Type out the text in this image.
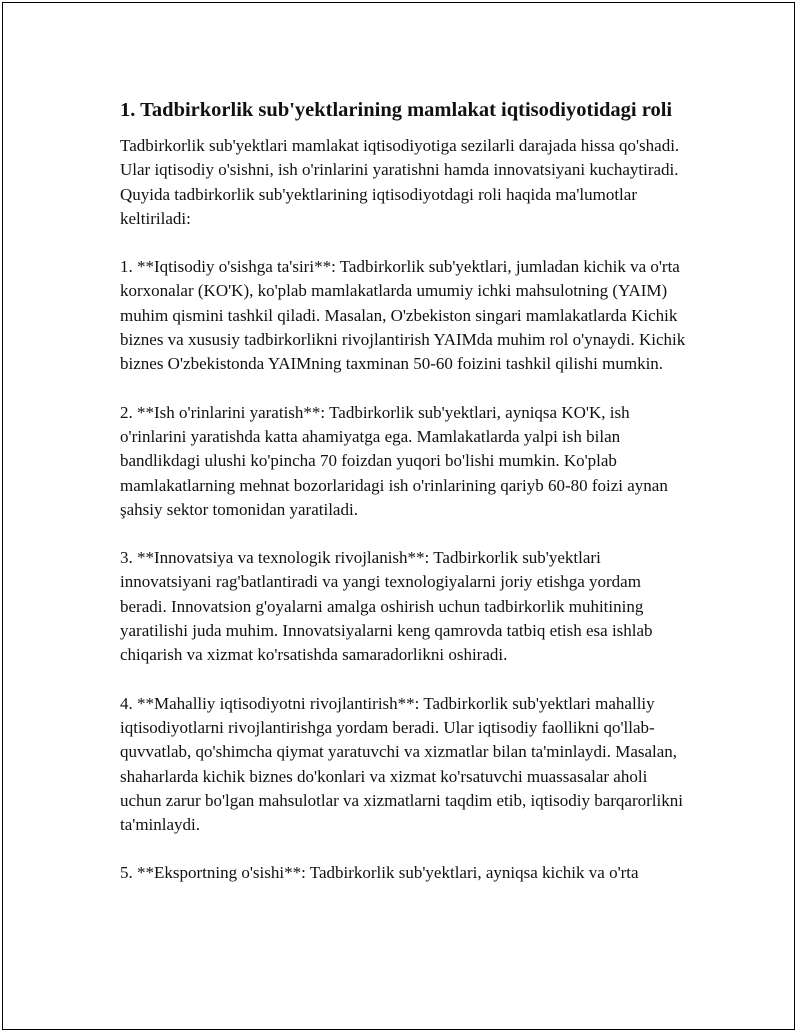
1. Tadbirkorlik sub'yektlarining mamlakat iqtisodiyotidagi roli

Tadbirkorlik sub'yektlari mamlakat iqtisodiyotiga sezilarli darajada hissa qo'shadi. Ular iqtisodiy o'sishni, ish o'rinlarini yaratishni hamda innovatsiyani kuchaytiradi. Quyida tadbirkorlik sub'yektlarining iqtisodiyotdagi roli haqida ma'lumotlar keltiriladi:

1. **Iqtisodiy o'sishga ta'siri**: Tadbirkorlik sub'yektlari, jumladan kichik va o'rta korxonalar (KO'K), ko'plab mamlakatlarda umumiy ichki mahsulotning (YAIM) muhim qismini tashkil qiladi. Masalan, O'zbekiston singari mamlakatlarda Kichik biznes va xususiy tadbirkorlikni rivojlantirish YAIMda muhim rol o'ynaydi. Kichik biznes O'zbekistonda YAIMning taxminan 50-60 foizini tashkil qilishi mumkin.

2. **Ish o'rinlarini yaratish**: Tadbirkorlik sub'yektlari, ayniqsa KO'K, ish o'rinlarini yaratishda katta ahamiyatga ega. Mamlakatlarda yalpi ish bilan bandlikdagi ulushi ko'pincha 70 foizdan yuqori bo'lishi mumkin. Ko'plab mamlakatlarning mehnat bozorlaridagi ish o'rinlarining qariyb 60-80 foizi aynan şahsiy sektor tomonidan yaratiladi.

3. **Innovatsiya va texnologik rivojlanish**: Tadbirkorlik sub'yektlari innovatsiyani rag'batlantiradi va yangi texnologiyalarni joriy etishga yordam beradi. Innovatsion g'oyalarni amalga oshirish uchun tadbirkorlik muhitining yaratilishi juda muhim. Innovatsiyalarni keng qamrovda tatbiq etish esa ishlab chiqarish va xizmat ko'rsatishda samaradorlikni oshiradi.

4. **Mahalliy iqtisodiyotni rivojlantirish**: Tadbirkorlik sub'yektlari mahalliy iqtisodiyotlarni rivojlantirishga yordam beradi. Ular iqtisodiy faollikni qo'llab-quvvatlab, qo'shimcha qiymat yaratuvchi va xizmatlar bilan ta'minlaydi. Masalan, shaharlarda kichik biznes do'konlari va xizmat ko'rsatuvchi muassasalar aholi uchun zarur bo'lgan mahsulotlar va xizmatlarni taqdim etib, iqtisodiy barqarorlikni ta'minlaydi.

5. **Eksportning o'sishi**: Tadbirkorlik sub'yektlari, ayniqsa kichik va o'rta
